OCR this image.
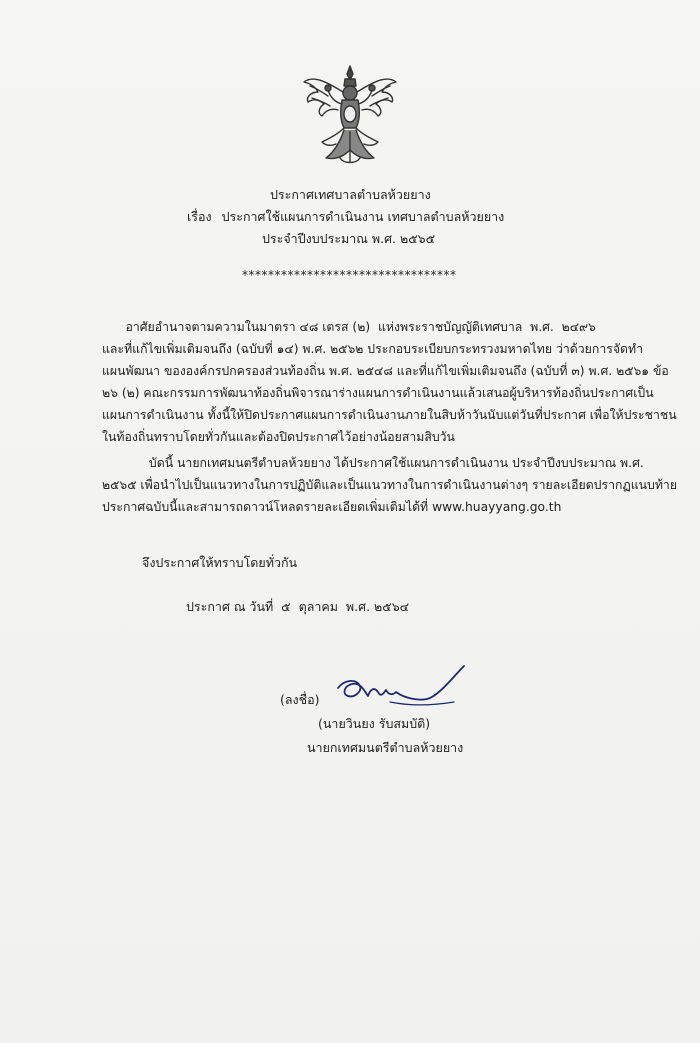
ประกาศเทศบาลตำบลห้วยยาง
เรื่อง ประกาศใช้แผนการดำเนินงาน เทศบาลตำบลห้วยยาง
ประจำปีงบประมาณ พ.ศ. ๒๕๖๕
*********************************
อาศัยอำนาจตามความในมาตรา ๔๘ เตรส (๒)  แห่งพระราชบัญญัติเทศบาล  พ.ศ.  ๒๔๙๖
และที่แก้ไขเพิ่มเติมจนถึง (ฉบับที่ ๑๔) พ.ศ. ๒๕๖๒ ประกอบระเบียบกระทรวงมหาดไทย ว่าด้วยการจัดทำ
แผนพัฒนา ขององค์กรปกครองส่วนท้องถิ่น พ.ศ. ๒๕๔๘ และที่แก้ไขเพิ่มเติมจนถึง (ฉบับที่ ๓) พ.ศ. ๒๕๖๑ ข้อ
๒๖ (๒) คณะกรรมการพัฒนาท้องถิ่นพิจารณาร่างแผนการดำเนินงานแล้วเสนอผู้บริหารท้องถิ่นประกาศเป็น
แผนการดำเนินงาน ทั้งนี้ให้ปิดประกาศแผนการดำเนินงานภายในสิบห้าวันนับแต่วันที่ประกาศ เพื่อให้ประชาชน
ในท้องถิ่นทราบโดยทั่วกันและต้องปิดประกาศไว้อย่างน้อยสามสิบวัน
บัดนี้ นายกเทศมนตรีตำบลห้วยยาง ได้ประกาศใช้แผนการดำเนินงาน ประจำปีงบประมาณ พ.ศ.
๒๕๖๕ เพื่อนำไปเป็นแนวทางในการปฏิบัติและเป็นแนวทางในการดำเนินงานต่างๆ รายละเอียดปรากฏแนบท้าย
ประกาศฉบับนี้และสามารถดาวน์โหลดรายละเอียดเพิ่มเติมได้ที่ www.huayyang.go.th
จึงประกาศให้ทราบโดยทั่วกัน
ประกาศ ณ วันที่  ๕  ตุลาคม  พ.ศ. ๒๕๖๔
(ลงชื่อ)
(นายวินยง รับสมบัติ)
นายกเทศมนตรีตำบลห้วยยาง
